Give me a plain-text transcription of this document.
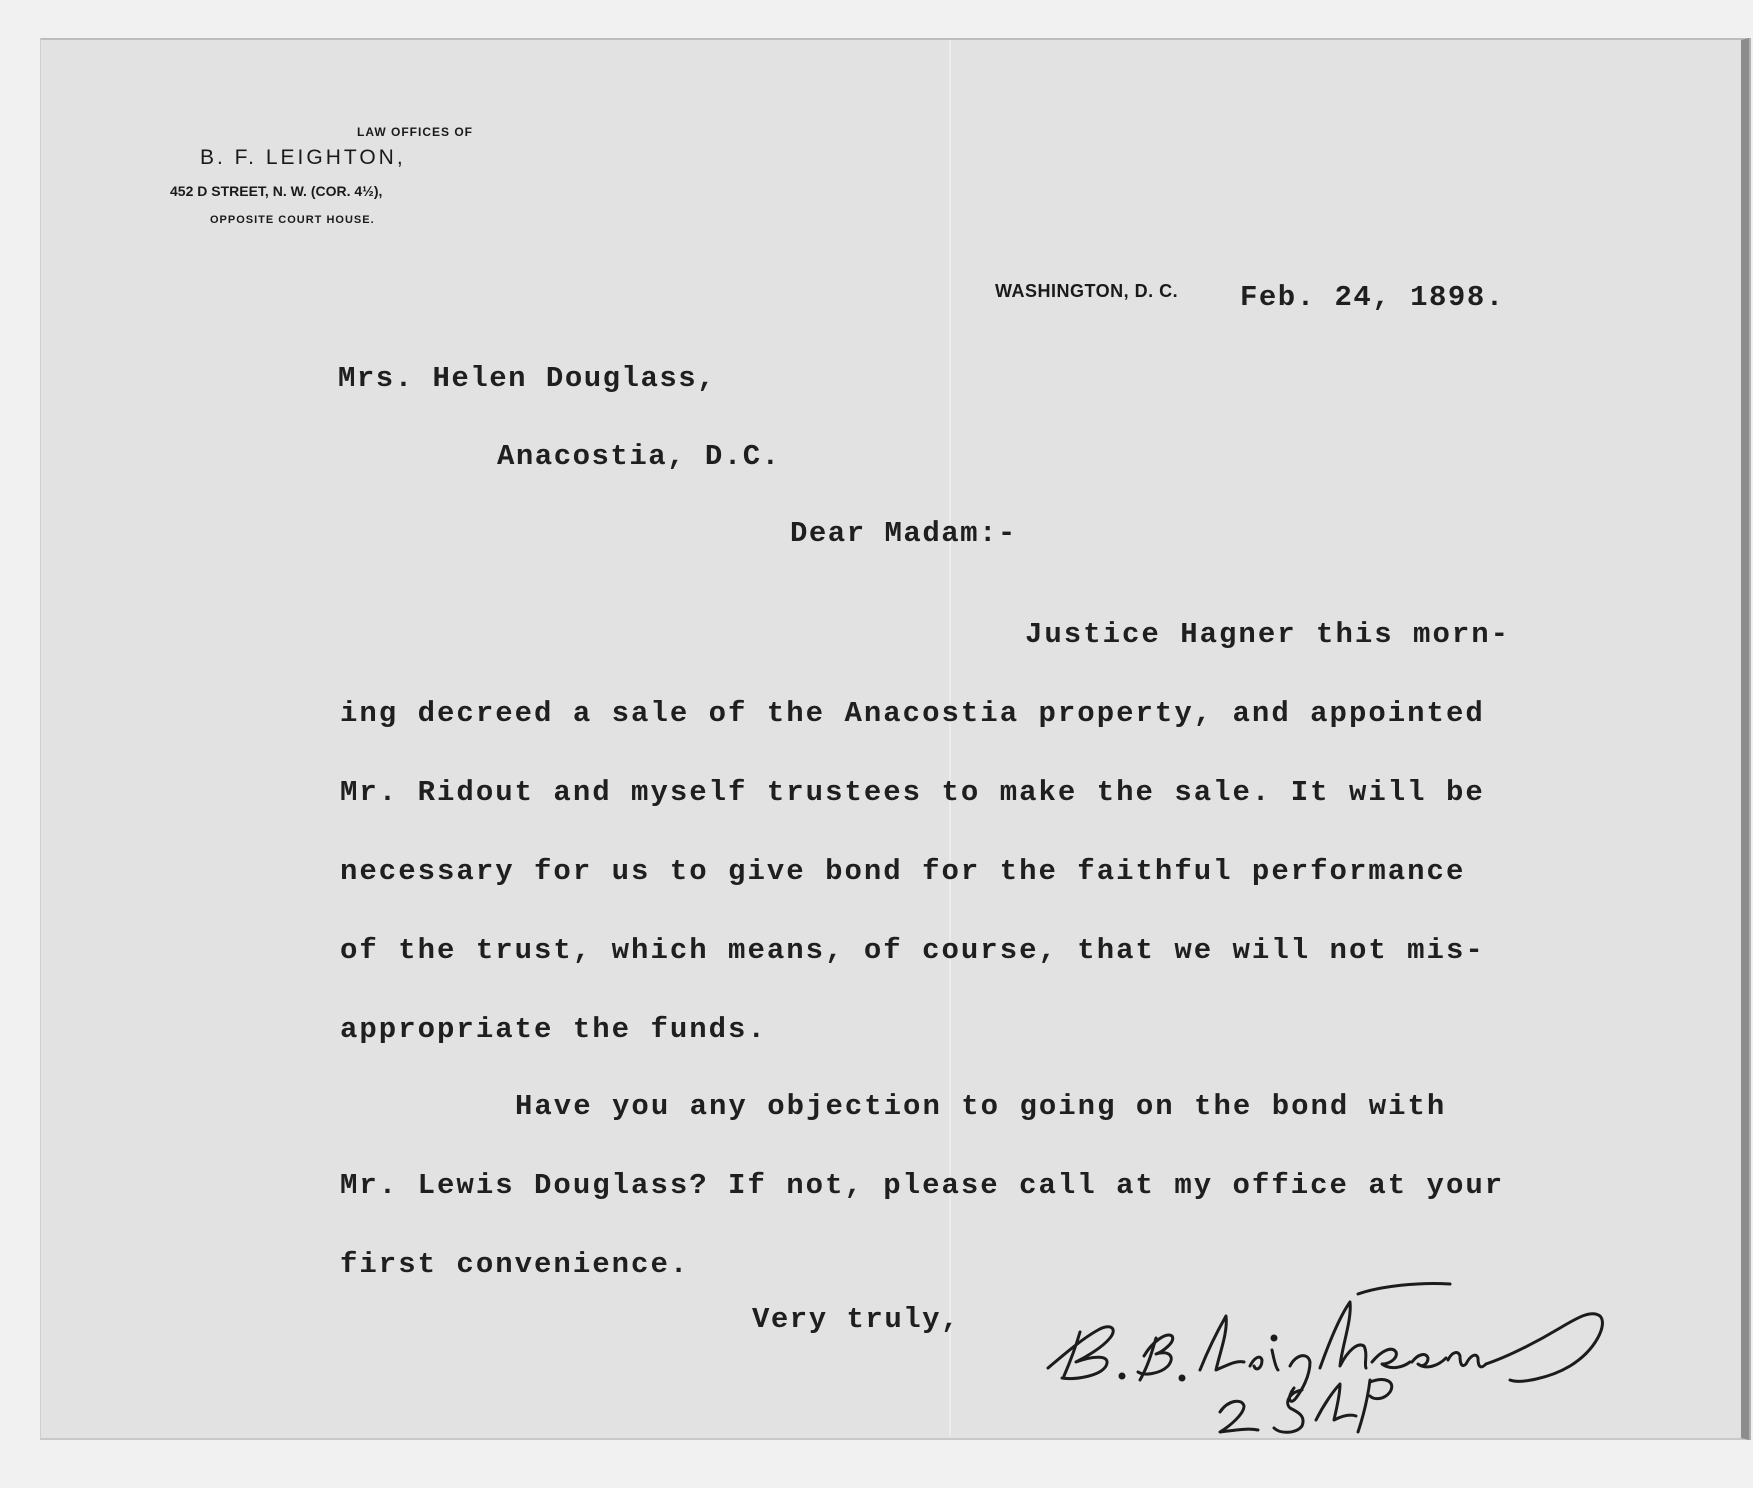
LAW OFFICES OF
B. F. LEIGHTON,
452 D STREET, N. W. (COR. 4½),
OPPOSITE COURT HOUSE.
WASHINGTON, D. C. Feb. 24, 1898.
Mrs. Helen Douglass,
Anacostia, D.C.
Dear Madam:-
Justice Hagner this morn-
ing decreed a sale of the Anacostia property, and appointed
Mr. Ridout and myself trustees to make the sale. It will be
necessary for us to give bond for the faithful performance
of the trust, which means, of course, that we will not mis-
appropriate the funds.
Have you any objection to going on the bond with
Mr. Lewis Douglass? If not, please call at my office at your
first convenience.
Very truly,
